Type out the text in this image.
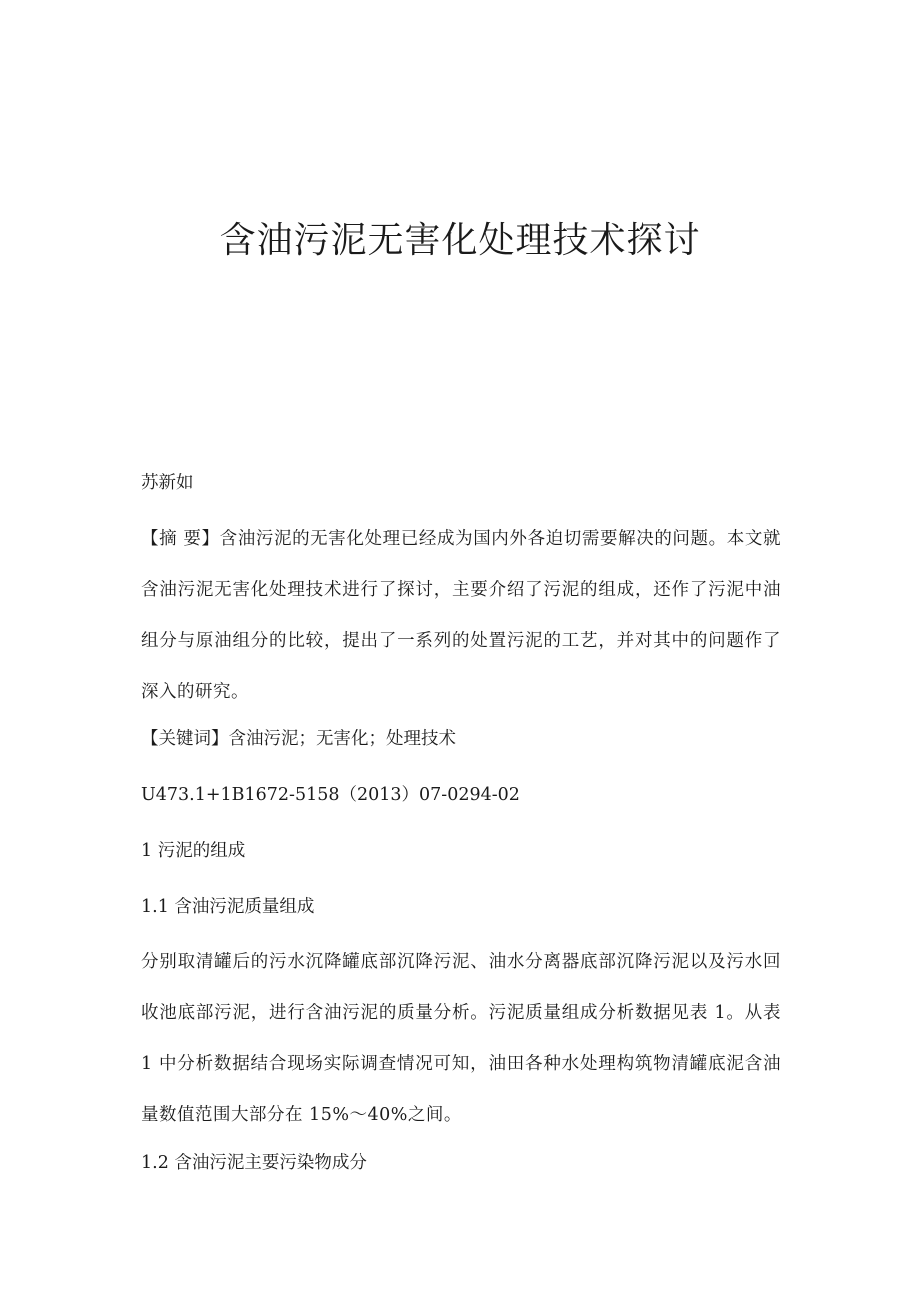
含油污泥无害化处理技术探讨

苏新如

【摘 要】含油污泥的无害化处理已经成为国内外各迫切需要解决的问题。本文就含油污泥无害化处理技术进行了探讨，主要介绍了污泥的组成，还作了污泥中油组分与原油组分的比较，提出了一系列的处置污泥的工艺，并对其中的问题作了深入的研究。

【关键词】含油污泥；无害化；处理技术

U473.1+1B1672-5158（2013）07-0294-02

1 污泥的组成

1.1 含油污泥质量组成

分别取清罐后的污水沉降罐底部沉降污泥、油水分离器底部沉降污泥以及污水回收池底部污泥，进行含油污泥的质量分析。污泥质量组成分析数据见表 1。从表 1 中分析数据结合现场实际调查情况可知，油田各种水处理构筑物清罐底泥含油量数值范围大部分在 15%～40%之间。

1.2 含油污泥主要污染物成分
